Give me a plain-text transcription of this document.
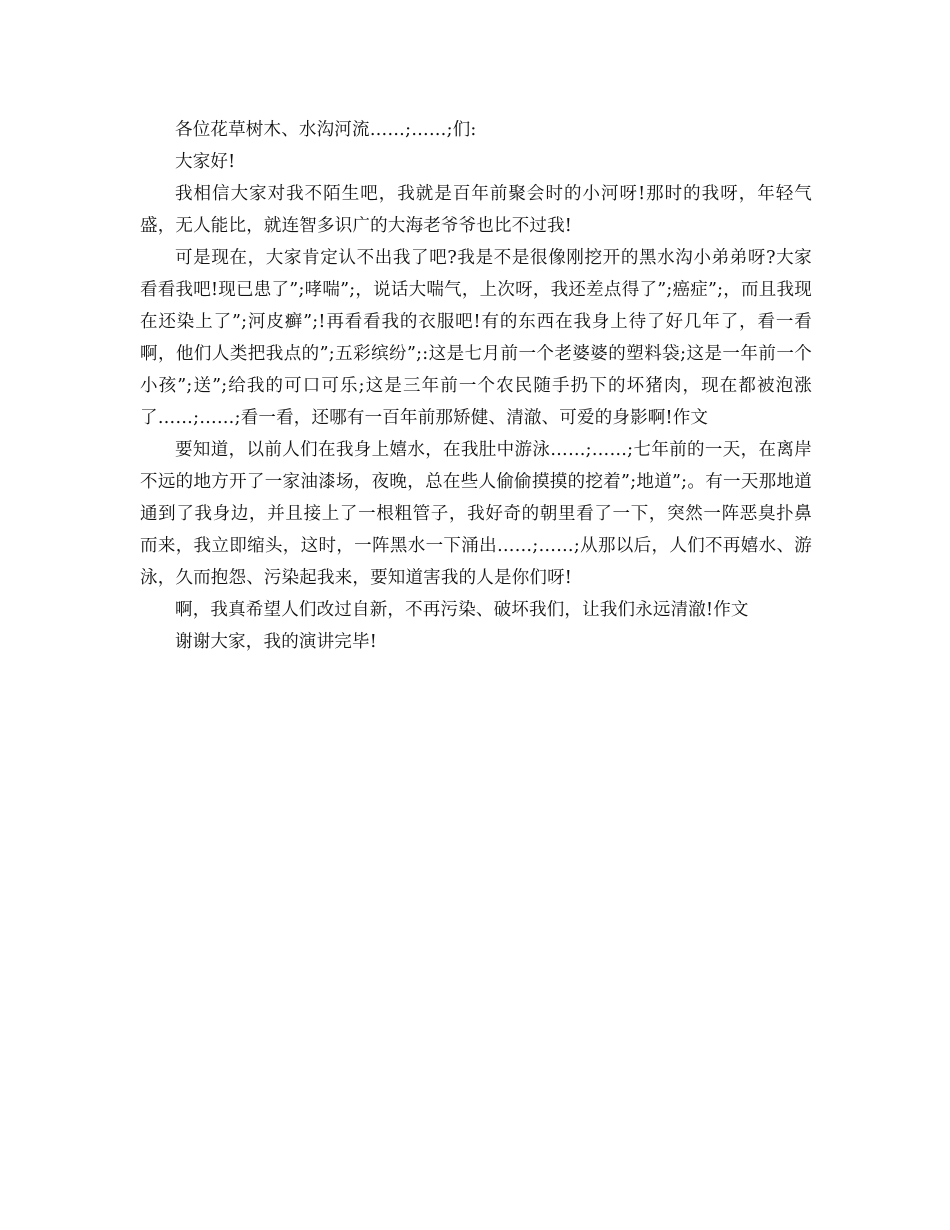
各位花草树木、水沟河流……;……;们:

大家好!

我相信大家对我不陌生吧，我就是百年前聚会时的小河呀!那时的我呀，年轻气盛，无人能比，就连智多识广的大海老爷爷也比不过我!

可是现在，大家肯定认不出我了吧?我是不是很像刚挖开的黑水沟小弟弟呀?大家看看我吧!现已患了”;哮喘”;，说话大喘气，上次呀，我还差点得了”;癌症”;，而且我现在还染上了”;河皮癣”;!再看看我的衣服吧!有的东西在我身上待了好几年了，看一看啊，他们人类把我点的”;五彩缤纷”;:这是七月前一个老婆婆的塑料袋;这是一年前一个小孩”;送”;给我的可口可乐;这是三年前一个农民随手扔下的坏猪肉，现在都被泡涨了……;……;看一看，还哪有一百年前那矫健、清澈、可爱的身影啊!作文

要知道，以前人们在我身上嬉水，在我肚中游泳……;……;七年前的一天，在离岸不远的地方开了一家油漆场，夜晚，总在些人偷偷摸摸的挖着”;地道”;。有一天那地道通到了我身边，并且接上了一根粗管子，我好奇的朝里看了一下，突然一阵恶臭扑鼻而来，我立即缩头，这时，一阵黑水一下涌出……;……;从那以后，人们不再嬉水、游泳，久而抱怨、污染起我来，要知道害我的人是你们呀!

啊，我真希望人们改过自新，不再污染、破坏我们，让我们永远清澈!作文

谢谢大家，我的演讲完毕!
